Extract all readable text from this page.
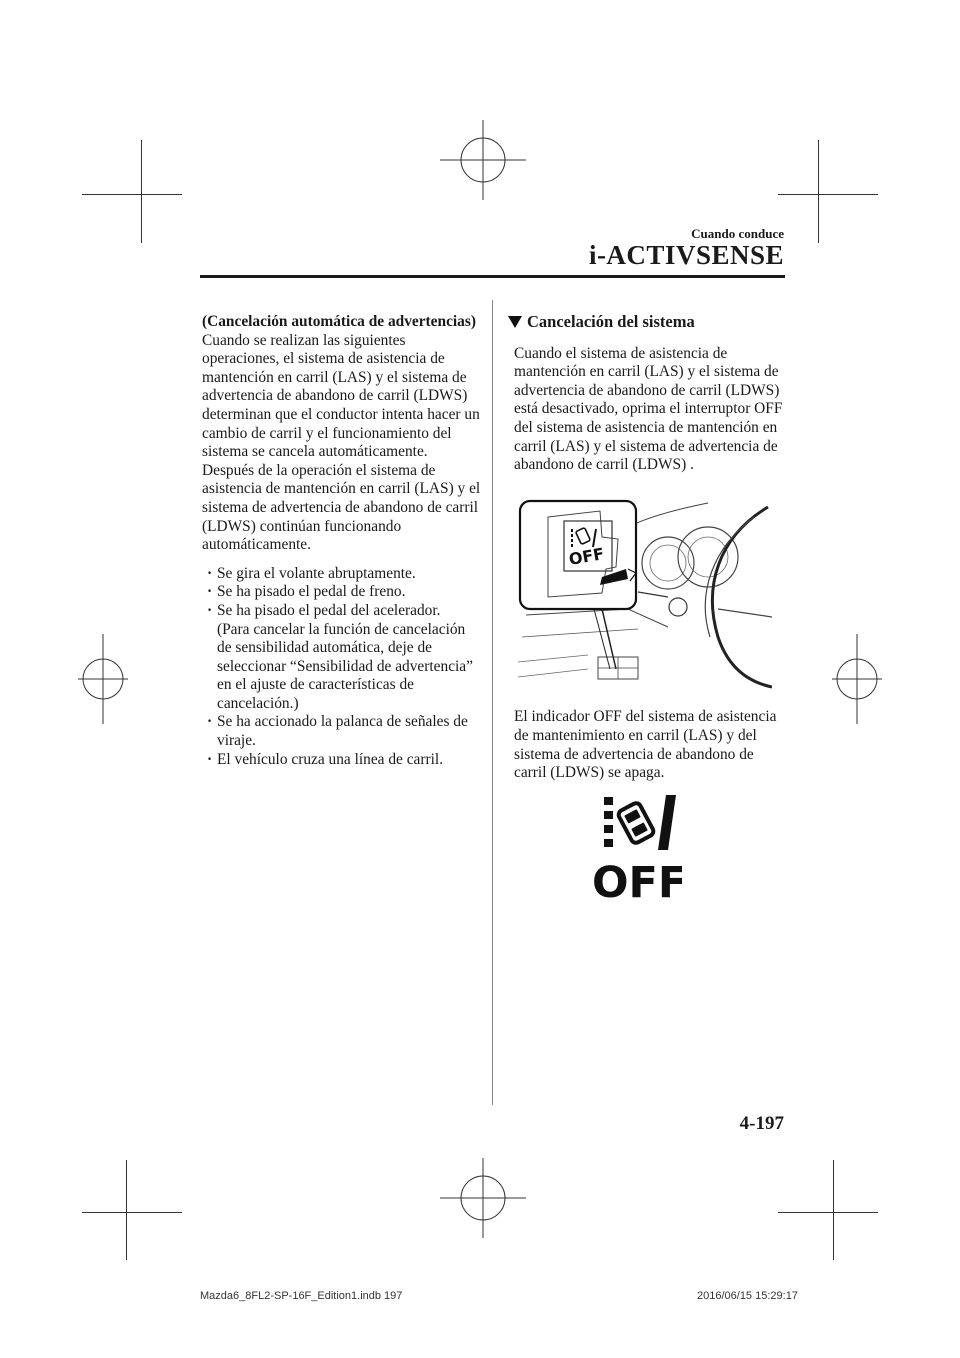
Cuando conduce
i-ACTIVSENSE
(Cancelación automática de advertencias)

Cuando se realizan las siguientes operaciones, el sistema de asistencia de mantención en carril (LAS) y el sistema de advertencia de abandono de carril (LDWS) determinan que el conductor intenta hacer un cambio de carril y el funcionamiento del sistema se cancela automáticamente. Después de la operación el sistema de asistencia de mantención en carril (LAS) y el sistema de advertencia de abandono de carril (LDWS) continúan funcionando automáticamente.

· Se gira el volante abruptamente.
· Se ha pisado el pedal de freno.
· Se ha pisado el pedal del acelerador.
(Para cancelar la función de cancelación de sensibilidad automática, deje de seleccionar “Sensibilidad de advertencia” en el ajuste de características de cancelación.)
· Se ha accionado la palanca de señales de viraje.
· El vehículo cruza una línea de carril.
Cancelación del sistema

Cuando el sistema de asistencia de mantención en carril (LAS) y el sistema de advertencia de abandono de carril (LDWS) está desactivado, oprima el interruptor OFF del sistema de asistencia de mantención en carril (LAS) y el sistema de advertencia de abandono de carril (LDWS) .

OFF

El indicador OFF del sistema de asistencia de mantenimiento en carril (LAS) y del sistema de advertencia de abandono de carril (LDWS) se apaga.

OFF
4-197
Mazda6_8FL2-SP-16F_Edition1.indb 197	2016/06/15 15:29:17
